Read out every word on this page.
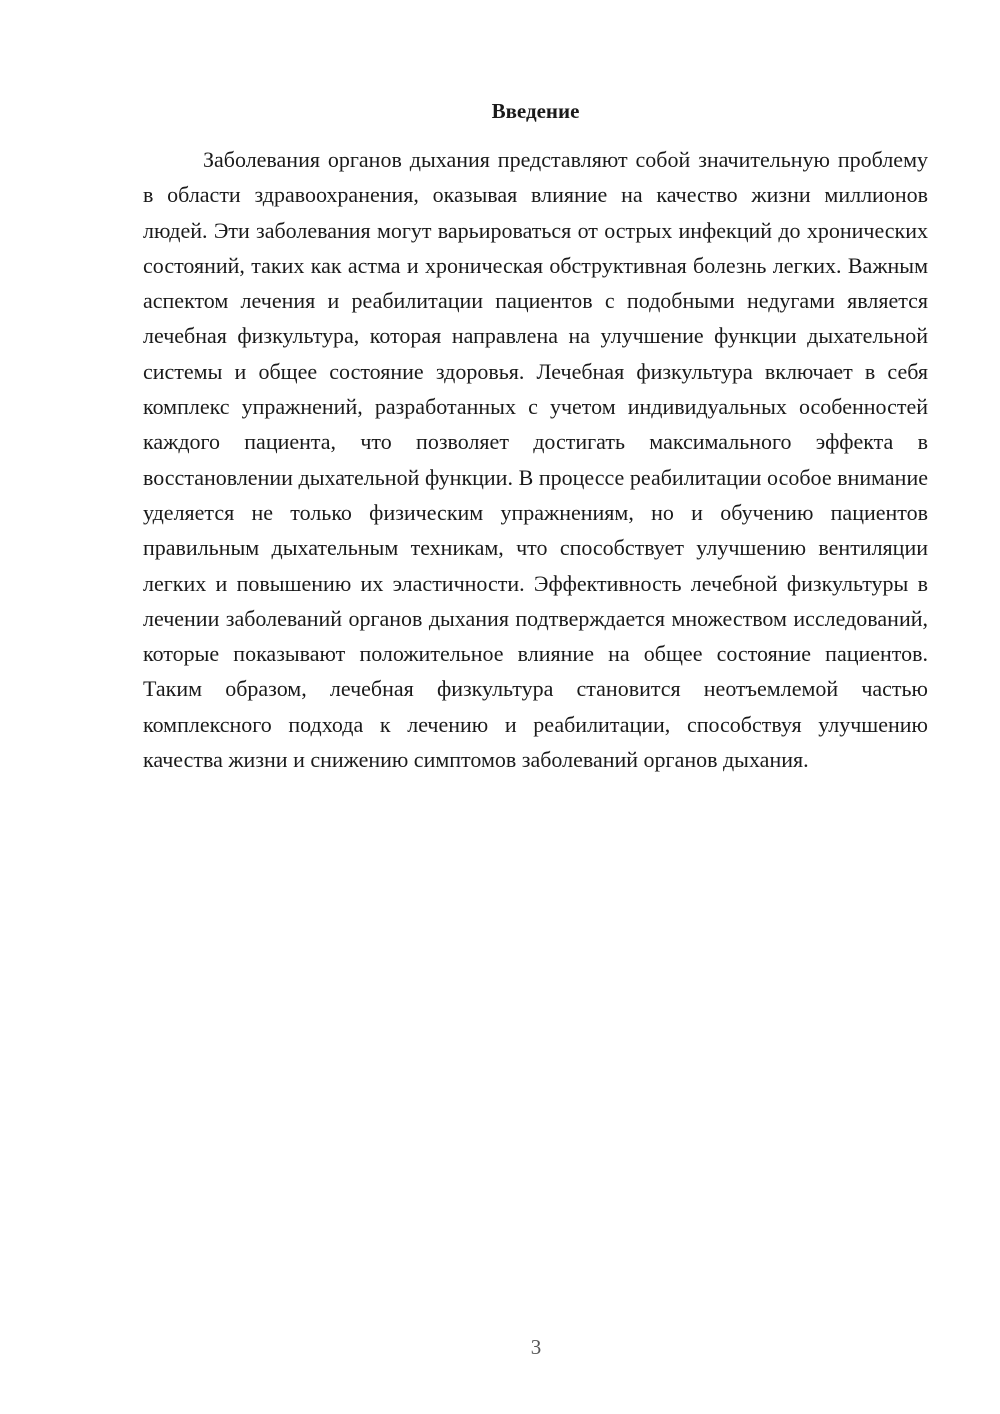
Введение

Заболевания органов дыхания представляют собой значительную проблему в области здравоохранения, оказывая влияние на качество жизни миллионов людей. Эти заболевания могут варьироваться от острых инфекций до хронических состояний, таких как астма и хроническая обструктивная болезнь легких. Важным аспектом лечения и реабилитации пациентов с подобными недугами является лечебная физкультура, которая направлена на улучшение функции дыхательной системы и общее состояние здоровья. Лечебная физкультура включает в себя комплекс упражнений, разработанных с учетом индивидуальных особенностей каждого пациента, что позволяет достигать максимального эффекта в восстановлении дыхательной функции. В процессе реабилитации особое внимание уделяется не только физическим упражнениям, но и обучению пациентов правильным дыхательным техникам, что способствует улучшению вентиляции легких и повышению их эластичности. Эффективность лечебной физкультуры в лечении заболеваний органов дыхания подтверждается множеством исследований, которые показывают положительное влияние на общее состояние пациентов. Таким образом, лечебная физкультура становится неотъемлемой частью комплексного подхода к лечению и реабилитации, способствуя улучшению качества жизни и снижению симптомов заболеваний органов дыхания.

3
